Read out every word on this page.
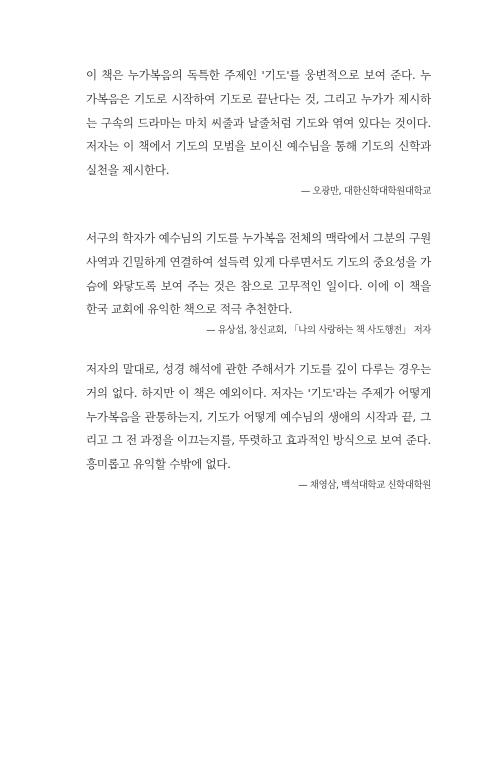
이 책은 누가복음의 독특한 주제인 '기도'를 웅변적으로 보여 준다. 누가복음은 기도로 시작하여 기도로 끝난다는 것, 그리고 누가가 제시하는 구속의 드라마는 마치 씨줄과 날줄처럼 기도와 엮여 있다는 것이다. 저자는 이 책에서 기도의 모범을 보이신 예수님을 통해 기도의 신학과 실천을 제시한다.

— 오광만, 대한신학대학원대학교

서구의 학자가 예수님의 기도를 누가복음 전체의 맥락에서 그분의 구원 사역과 긴밀하게 연결하여 설득력 있게 다루면서도 기도의 중요성을 가슴에 와닿도록 보여 주는 것은 참으로 고무적인 일이다. 이에 이 책을 한국 교회에 유익한 책으로 적극 추천한다.

— 유상섭, 창신교회, 「나의 사랑하는 책 사도행전」 저자

저자의 말대로, 성경 해석에 관한 주해서가 기도를 깊이 다루는 경우는 거의 없다. 하지만 이 책은 예외이다. 저자는 '기도'라는 주제가 어떻게 누가복음을 관통하는지, 기도가 어떻게 예수님의 생애의 시작과 끝, 그리고 그 전 과정을 이끄는지를, 뚜렷하고 효과적인 방식으로 보여 준다. 흥미롭고 유익할 수밖에 없다.

— 채영삼, 백석대학교 신학대학원
